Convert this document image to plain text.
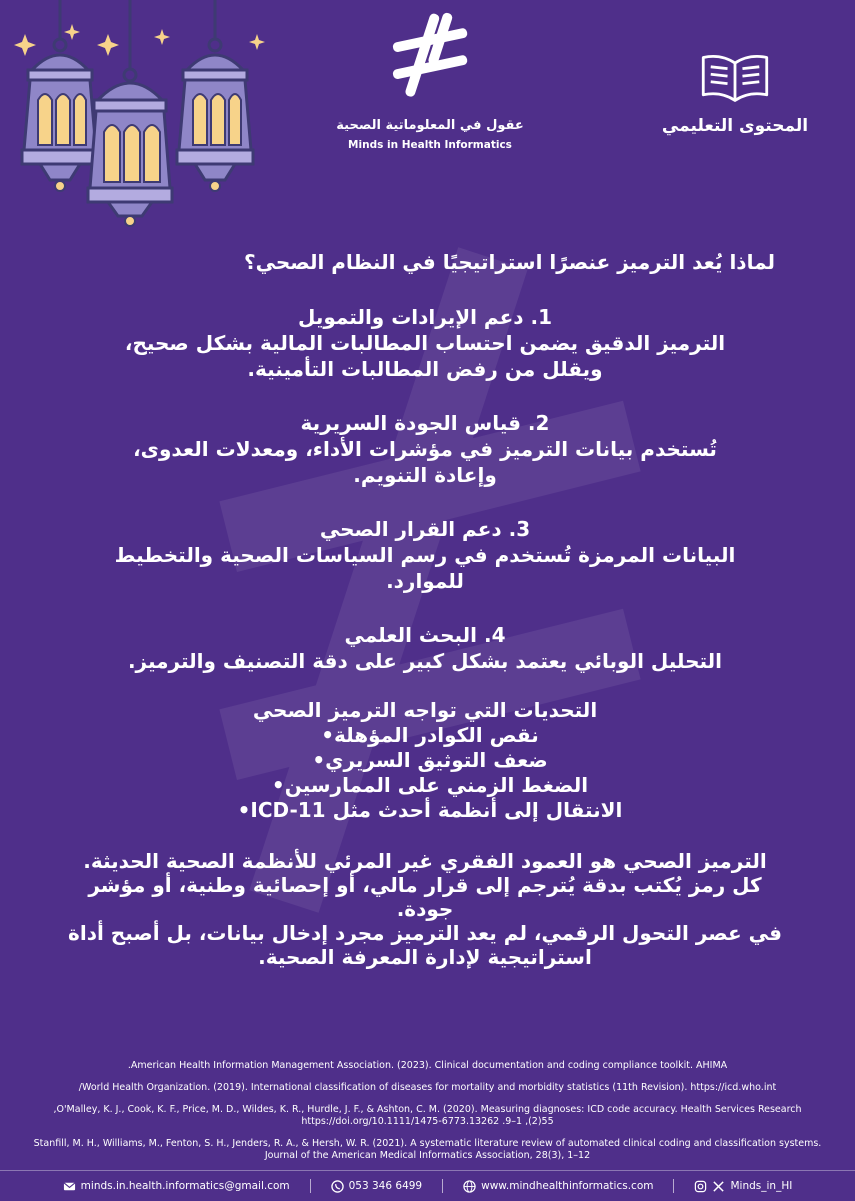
عقول في المعلوماتية الصحية
Minds in Health Informatics
المحتوى التعليمي
لماذا يُعد الترميز عنصرًا استراتيجيًا في النظام الصحي؟
1. دعم الإيرادات والتمويل
الترميز الدقيق يضمن احتساب المطالبات المالية بشكل صحيح،
ويقلل من رفض المطالبات التأمينية.
2. قياس الجودة السريرية
تُستخدم بيانات الترميز في مؤشرات الأداء، ومعدلات العدوى،
وإعادة التنويم.
3. دعم القرار الصحي
البيانات المرمزة تُستخدم في رسم السياسات الصحية والتخطيط
للموارد.
4. البحث العلمي
التحليل الوبائي يعتمد بشكل كبير على دقة التصنيف والترميز.
التحديات التي تواجه الترميز الصحي
نقص الكوادر المؤهلة•
ضعف التوثيق السريري•
الضغط الزمني على الممارسين•
الانتقال إلى أنظمة أحدث مثل ICD-11•

الترميز الصحي هو العمود الفقري غير المرئي للأنظمة الصحية الحديثة.

كل رمز يُكتب بدقة يُترجم إلى قرار مالي، أو إحصائية وطنية، أو مؤشر

جودة.

في عصر التحول الرقمي، لم يعد الترميز مجرد إدخال بيانات، بل أصبح أداة

استراتيجية لإدارة المعرفة الصحية.

.American Health Information Management Association. (2023). Clinical documentation and coding compliance toolkit. AHIMA

/World Health Organization. (2019). International classification of diseases for mortality and morbidity statistics (11th Revision). https://icd.who.int

,O'Malley, K. J., Cook, K. F., Price, M. D., Wildes, K. R., Hurdle, J. F., & Ashton, C. M. (2020). Measuring diagnoses: ICD code accuracy. Health Services Research https://doi.org/10.1111/1475-6773.13262 .9–1 ,(2)55

Stanfill, M. H., Williams, M., Fenton, S. H., Jenders, R. A., & Hersh, W. R. (2021). A systematic literature review of automated clinical coding and classification systems. Journal of the American Medical Informatics Association, 28(3), 1–12

minds.in.health.informatics@gmail.com	053 346 6499	www.mindhealthinformatics.com	Minds_in_HI
